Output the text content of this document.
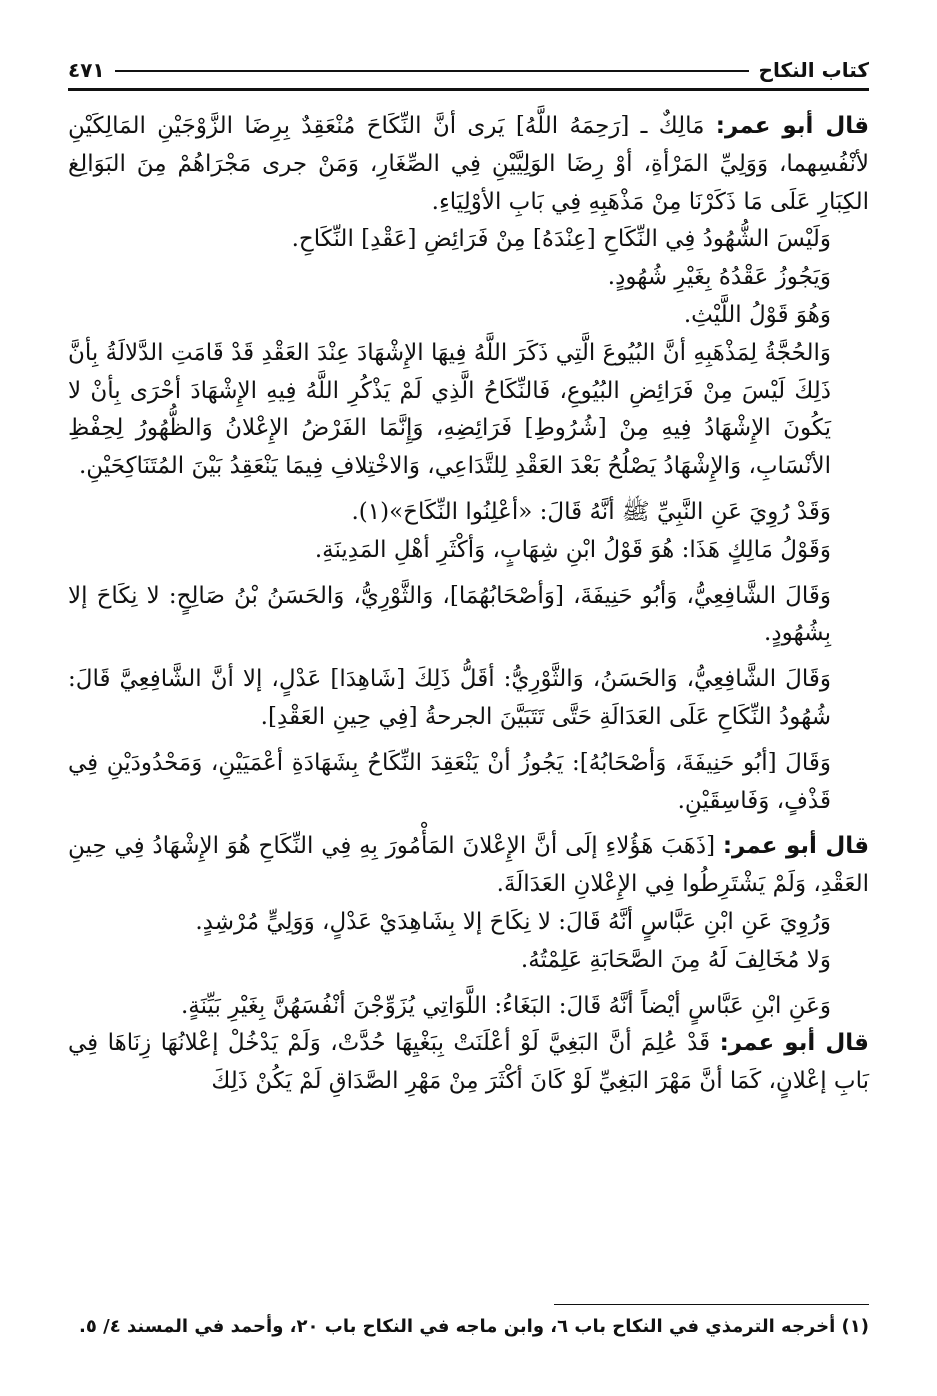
كتاب النكاح
٤٧١

قال أبو عمر: مَالِكٌ ـ [رَحِمَهُ اللَّهُ] يَرى أنَّ النِّكَاحَ مُنْعَقِدٌ بِرِضَا الزَّوْجَيْنِ المَالِكَيْنِ لأنْفُسِهما، وَوَلِيِّ المَرْأةِ، أوْ رِضَا الوَلِيَّيْنِ فِي الصِّغَارِ، وَمَنْ جرى مَجْرَاهُمْ مِنَ البَوَالِغ الكِبَارِ عَلَى مَا ذَكَرْنَا مِنْ مَذْهَبِهِ فِي بَابِ الأوْلِيَاءِ.

وَلَيْسَ الشُّهُودُ فِي النِّكَاحِ [عِنْدَهُ] مِنْ فَرَائِضِ [عَقْدِ] النِّكَاحِ.

وَيَجُوزُ عَقْدُهُ بِغَيْرِ شُهُودٍ.

وَهُوَ قَوْلُ اللَّيْثِ.

وَالحُجَّةُ لِمَذْهَبِهِ أنَّ البُيُوعَ الَّتِي ذَكَرَ اللَّهُ فِيهَا الإِشْهَادَ عِنْدَ العَقْدِ قَدْ قَامَتِ الدَّلالَةُ بِأنَّ ذَلِكَ لَيْسَ مِنْ فَرَائِضِ البُيُوعِ، فَالنِّكَاحُ الَّذِي لَمْ يَذْكُرِ اللَّهُ فِيهِ الإِشْهَادَ أحْرَى بِأنْ لا يَكُونَ الإِشْهَادُ فِيهِ مِنْ [شُرُوطِ] فَرَائِضِهِ، وَإِنَّمَا الفَرْضُ الإِعْلانُ وَالظُّهُورُ لِحِفْظِ الأنْسَابِ، وَالإِشْهَادُ يَصْلُحُ بَعْدَ العَقْدِ لِلتَّدَاعِي، وَالاخْتِلافِ فِيمَا يَنْعَقِدُ بَيْنَ المُتَنَاكِحَيْنِ.

وَقَدْ رُوِيَ عَنِ النَّبِيِّ ﷺ أنَّهُ قَالَ: «أعْلِنُوا النِّكَاحَ»(١).

وَقَوْلُ مَالِكٍ هَذَا: هُوَ قَوْلُ ابْنِ شِهَابٍ، وَأكْثَرِ أهْلِ المَدِينَةِ.

وَقَالَ الشَّافِعِيُّ، وَأبُو حَنِيفَةَ، [وَأصْحَابُهُمَا]، وَالثَّوْرِيُّ، وَالحَسَنُ بْنُ صَالِحٍ: لا نِكَاحَ إلا بِشُهُودٍ.

وَقَالَ الشَّافِعِيُّ، وَالحَسَنُ، وَالثَّوْرِيُّ: أقَلُّ ذَلِكَ [شَاهِدَا] عَدْلٍ، إلا أنَّ الشَّافِعِيَّ قَالَ: شُهُودُ النِّكَاحِ عَلَى العَدَالَةِ حَتَّى تَتَبَيَّنَ الجرحةُ [فِي حِينِ العَقْدِ].

وَقَالَ [أبُو حَنِيفَةَ، وَأصْحَابُهُ]: يَجُوزُ أنْ يَنْعَقِدَ النِّكَاحُ بِشَهَادَةِ أعْمَيَيْنِ، وَمَحْدُودَيْنِ فِي قَذْفٍ، وَفَاسِقَيْنِ.

قال أبو عمر: [ذَهَبَ هَؤُلاءِ إلَى أنَّ الإِعْلانَ المَأْمُورَ بِهِ فِي النِّكَاحِ هُوَ الإِشْهَادُ فِي حِينِ العَقْدِ، وَلَمْ يَشْتَرِطُوا فِي الإِعْلانِ العَدَالَةَ.

وَرُوِيَ عَنِ ابْنِ عَبَّاسٍ أنَّهُ قَالَ: لا نِكَاحَ إلا بِشَاهِدَيْ عَدْلٍ، وَوَلِيٍّ مُرْشِدٍ.

وَلا مُخَالِفَ لَهُ مِنَ الصَّحَابَةِ عَلِمْتُهُ.

وَعَنِ ابْنِ عَبَّاسٍ أيْضاً أنَّهُ قَالَ: البَغَاءُ: اللَّوَاتِي يُزَوِّجْنَ أنْفُسَهُنَّ بِغَيْرِ بَيِّنَةٍ.

قال أبو عمر: قَدْ عُلِمَ أنَّ البَغِيَّ لَوْ أعْلَنَتْ بِبَغْيِهَا حُدَّتْ، وَلَمْ يَدْخُلْ إعْلانُهَا زِنَاهَا فِي بَابِ إعْلانٍ، كَمَا أنَّ مَهْرَ البَغِيِّ لَوْ كَانَ أكْثَرَ مِنْ مَهْرِ الصَّدَاقِ لَمْ يَكُنْ ذَلِكَ

(١) أخرجه الترمذي في النكاح باب ٦، وابن ماجه في النكاح باب ٢٠، وأحمد في المسند ٤/ ٥.
